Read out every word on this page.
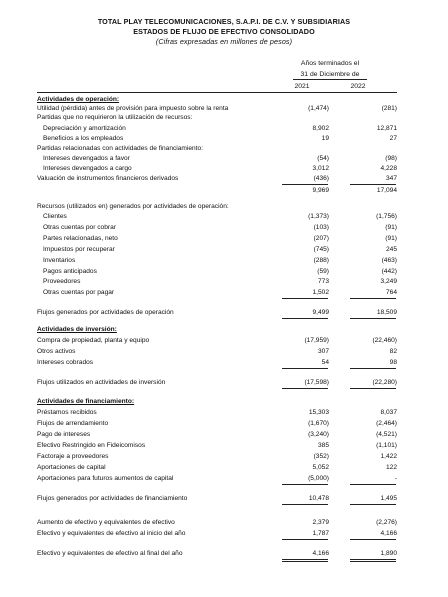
TOTAL PLAY TELECOMUNICACIONES, S.A.P.I. DE C.V. Y SUBSIDIARIAS
ESTADOS DE FLUJO DE EFECTIVO CONSOLIDADO
(Cifras expresadas en millones de pesos)
Años terminados el
31 de Diciembre de
2021	2022
Actividades de operación:
Utilidad (pérdida) antes de provisión para impuesto sobre la renta	(1,474)	(281)
Partidas que no requirieron la utilización de recursos:
Depreciación y amortización	8,902	12,871
Beneficios a los empleados	19	27
Partidas relacionadas con actividades de financiamiento:
Intereses devengados a favor	(54)	(98)
Intereses devengados a cargo	3,012	4,228
Valuación de instrumentos financieros derivados	(436)	347
9,969	17,094
Recursos (utilizados en) generados por actividades de operación:
Clientes	(1,373)	(1,756)
Otras cuentas por cobrar	(103)	(91)
Partes relacionadas, neto	(207)	(91)
Impuestos por recuperar	(745)	245
Inventarios	(288)	(463)
Pagos anticipados	(59)	(442)
Proveedores	773	3,249
Otras cuentas por pagar	1,502	764
Flujos generados por actividades de operación	9,499	18,509
Actividades de inversión:
Compra de propiedad, planta y equipo	(17,959)	(22,460)
Otros activos	307	82
Intereses cobrados	54	98
Flujos utilizados en actividades de inversión	(17,598)	(22,280)
Actividades de financiamiento:
Préstamos recibidos	15,303	8,037
Flujos de arrendamiento	(1,670)	(2,464)
Pago de intereses	(3,240)	(4,521)
Efectivo Restringido en Fideicomisos	385	(1,101)
Factoraje a proveedores	(352)	1,422
Aportaciones de capital	5,052	122
Aportaciones para futuros aumentos de capital	(5,000)	-
Flujos generados por actividades de financiamiento	10,478	1,495
Aumento de efectivo y equivalentes de efectivo	2,379	(2,276)
Efectivo y equivalentes de efectivo al inicio del año	1,787	4,166
Efectivo y equivalentes de efectivo al final del año	4,166	1,890
